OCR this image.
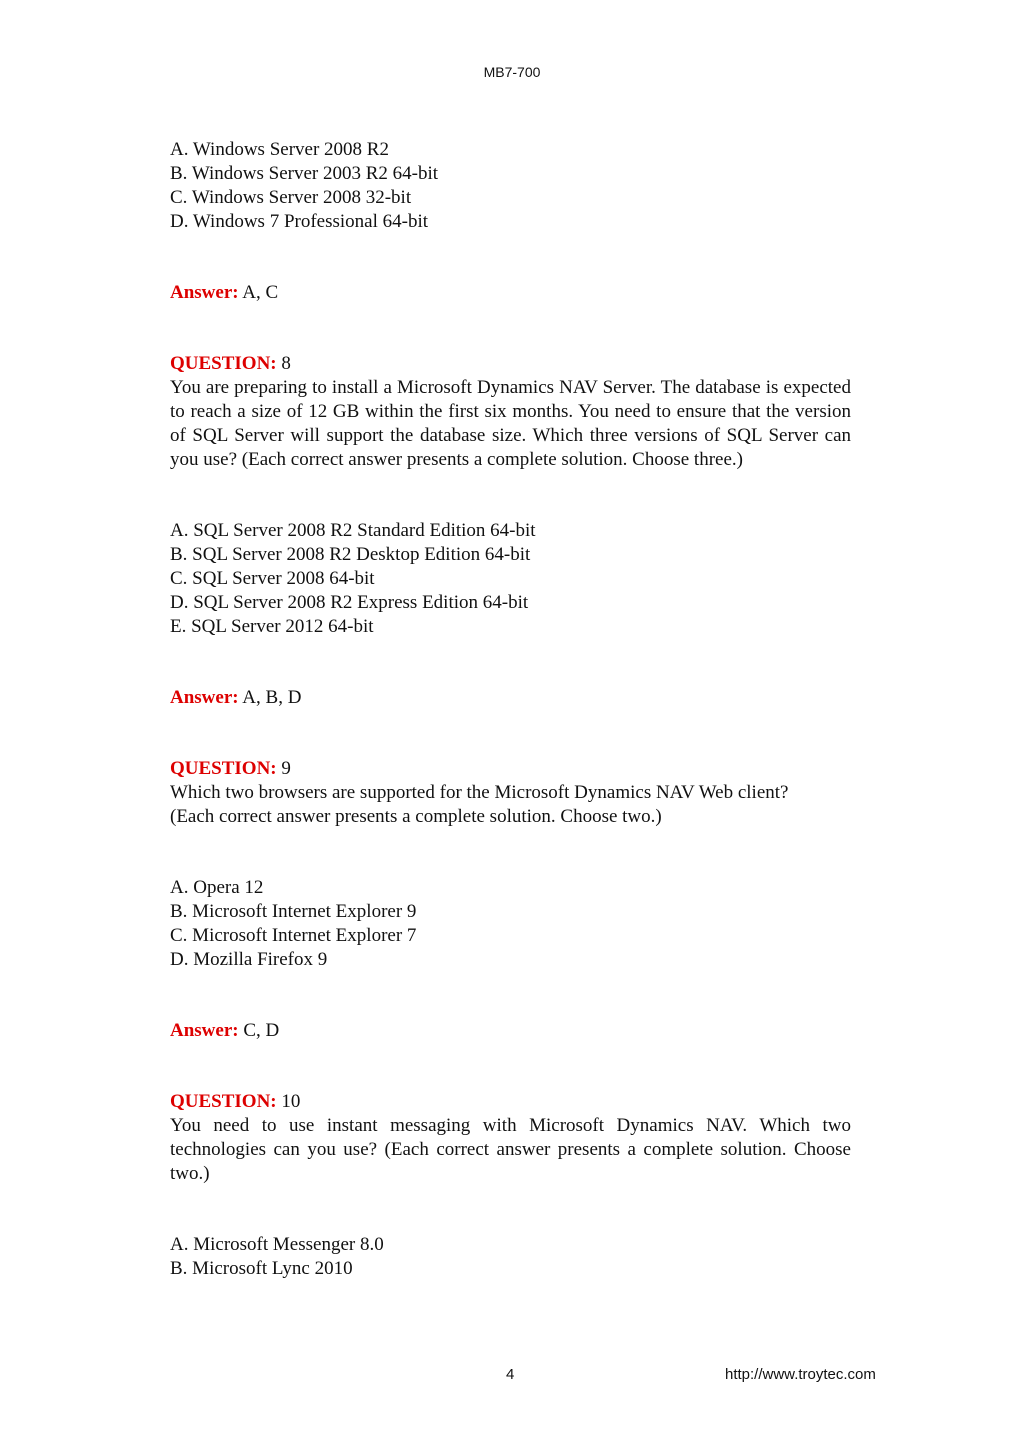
MB7-700
A. Windows Server 2008 R2
B. Windows Server 2003 R2 64-bit
C. Windows Server 2008 32-bit
D. Windows 7 Professional 64-bit
Answer: A, C
QUESTION: 8
You are preparing to install a Microsoft Dynamics NAV Server. The database is expected to reach a size of 12 GB within the first six months. You need to ensure that the version of SQL Server will support the database size. Which three versions of SQL Server can you use? (Each correct answer presents a complete solution. Choose three.)
A. SQL Server 2008 R2 Standard Edition 64-bit
B. SQL Server 2008 R2 Desktop Edition 64-bit
C. SQL Server 2008 64-bit
D. SQL Server 2008 R2 Express Edition 64-bit
E. SQL Server 2012 64-bit
Answer: A, B, D
QUESTION: 9
Which two browsers are supported for the Microsoft Dynamics NAV Web client?
(Each correct answer presents a complete solution. Choose two.)
A. Opera 12
B. Microsoft Internet Explorer 9
C. Microsoft Internet Explorer 7
D. Mozilla Firefox 9
Answer: C, D
QUESTION: 10
You need to use instant messaging with Microsoft Dynamics NAV. Which two technologies can you use? (Each correct answer presents a complete solution. Choose two.)
A. Microsoft Messenger 8.0
B. Microsoft Lync 2010
4	http://www.troytec.com
